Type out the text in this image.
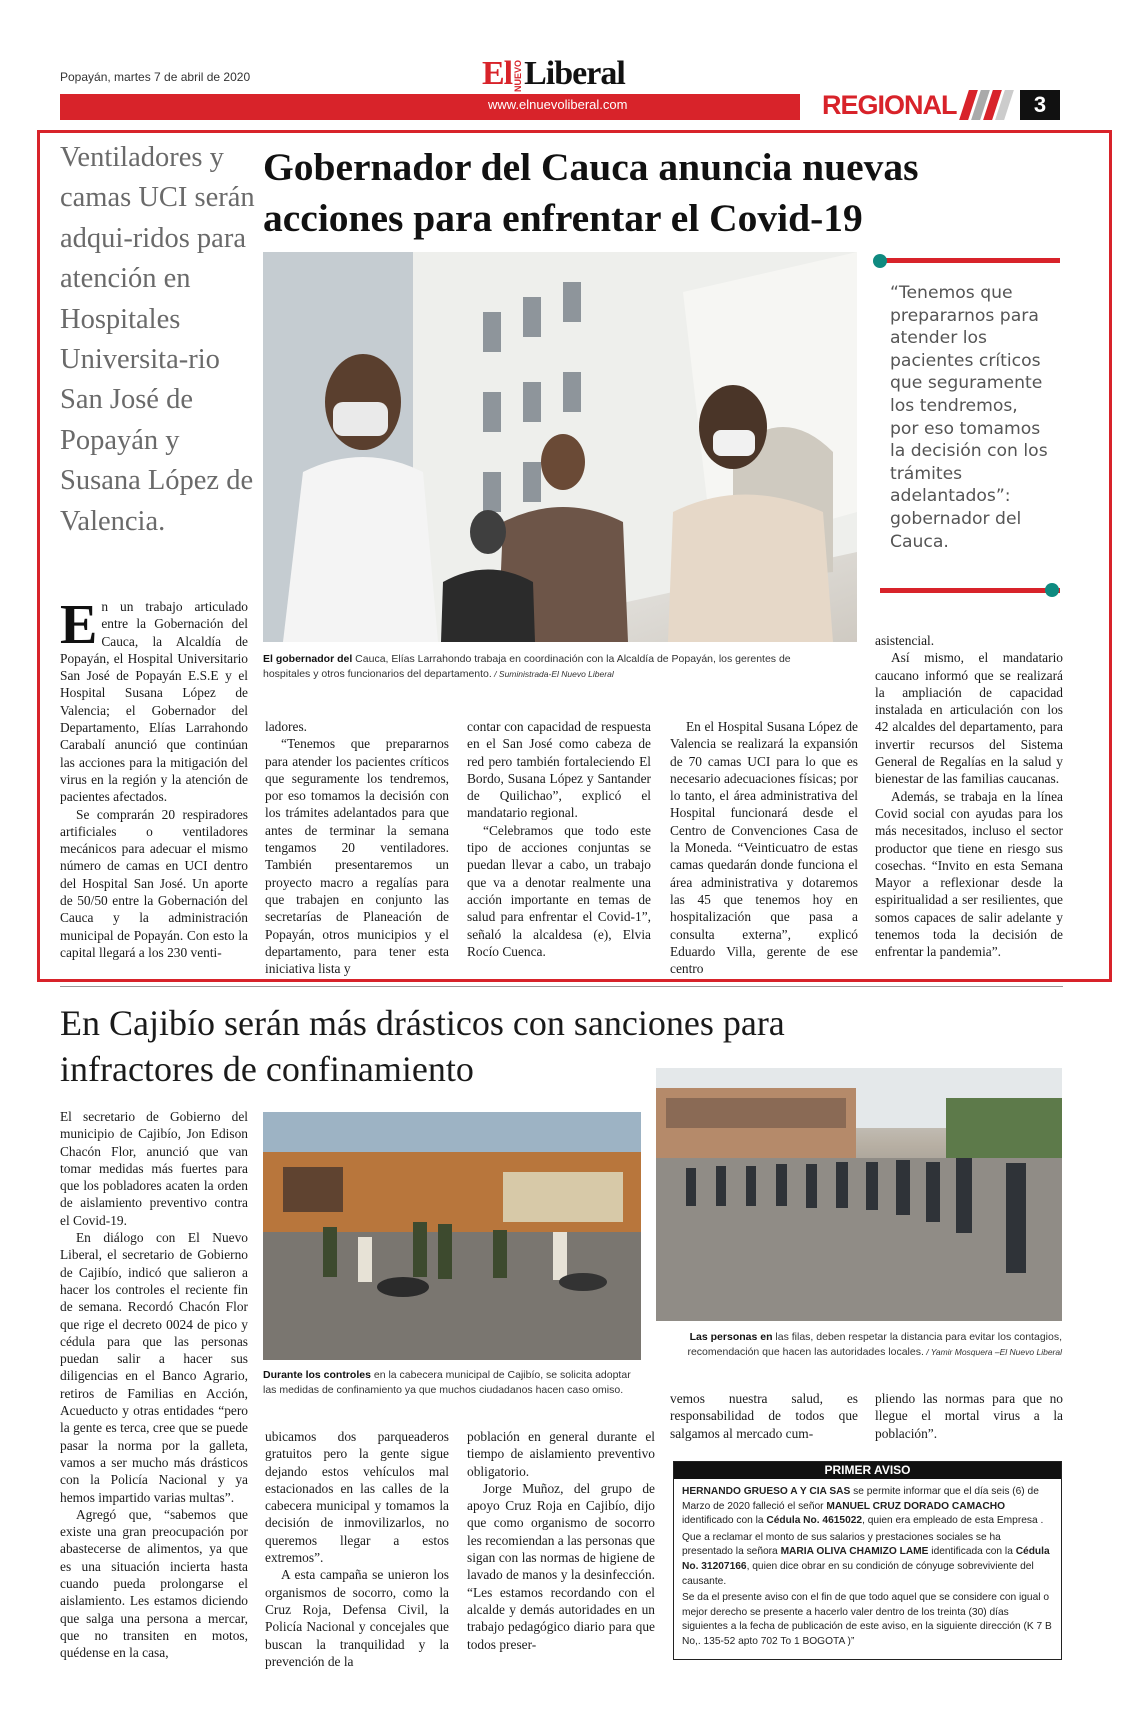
Popayán, martes 7 de abril de 2020	ElNUEVOLiberal
www.elnuevoliberal.com	REGIONAL	3
Ventiladores y camas UCI serán adqui-ridos para atención en Hospitales Universita-rio San José de Popayán y Susana López de Valencia.
Gobernador del Cauca anuncia nuevas acciones para enfrentar el Covid-19
“Tenemos que prepararnos para atender los pacientes críticos que seguramente los tendremos, por eso tomamos la decisión con los trámites adelantados”: gobernador del Cauca.
El gobernador del Cauca, Elías Larrahondo trabaja en coordinación con la Alcaldía de Popayán, los gerentes de hospitales y otros funcionarios del departamento. / Suministrada-El Nuevo Liberal

En un trabajo articulado entre la Gobernación del Cauca, la Alcaldía de Popayán, el Hospital Universitario San José de Popayán E.S.E y el Hospital Susana López de Valencia; el Gobernador del Departamento, Elías Larrahondo Carabalí anunció que continúan las acciones para la mitigación del virus en la región y la atención de pacientes afectados.

Se comprarán 20 respiradores artificiales o ventiladores mecánicos para adecuar el mismo número de camas en UCI dentro del Hospital San José. Un aporte de 50/50 entre la Gobernación del Cauca y la administración municipal de Popayán. Con esto la capital llegará a los 230 venti-

ladores.

“Tenemos que prepararnos para atender los pacientes críticos que seguramente los tendremos, por eso tomamos la decisión con los trámites adelantados para que antes de terminar la semana tengamos 20 ventiladores. También presentaremos un proyecto macro a regalías para que trabajen en conjunto las secretarías de Planeación de Popayán, otros municipios y el departamento, para tener esta iniciativa lista y

contar con capacidad de respuesta en el San José como cabeza de red pero también fortaleciendo El Bordo, Susana López y Santander de Quilichao”, explicó el mandatario regional.

“Celebramos que todo este tipo de acciones conjuntas se puedan llevar a cabo, un trabajo que va a denotar realmente una acción importante en temas de salud para enfrentar el Covid-1”, señaló la alcaldesa (e), Elvia Rocío Cuenca.

En el Hospital Susana López de Valencia se realizará la expansión de 70 camas UCI para lo que es necesario adecuaciones físicas; por lo tanto, el área administrativa del Hospital funcionará desde el Centro de Convenciones Casa de la Moneda. “Veinticuatro de estas camas quedarán donde funciona el área administrativa y dotaremos las 45 que tenemos hoy en hospitalización que pasa a consulta externa”, explicó Eduardo Villa, gerente de ese centro

asistencial.

Así mismo, el mandatario caucano informó que se realizará la ampliación de capacidad instalada en articulación con los 42 alcaldes del departamento, para invertir recursos del Sistema General de Regalías en la salud y bienestar de las familias caucanas.

Además, se trabaja en la línea Covid social con ayudas para los más necesitados, incluso el sector productor que tiene en riesgo sus cosechas. “Invito en esta Semana Mayor a reflexionar desde la espiritualidad a ser resilientes, que somos capaces de salir adelante y tenemos toda la decisión de enfrentar la pandemia”.

En Cajibío serán más drásticos con sanciones para infractores de confinamiento
Durante los controles en la cabecera municipal de Cajibío, se solicita adoptar las medidas de confinamiento ya que muchos ciudadanos hacen caso omiso.
Las personas en las filas, deben respetar la distancia para evitar los contagios, recomendación que hacen las autoridades locales. / Yamir Mosquera –El Nuevo Liberal

El secretario de Gobierno del municipio de Cajibío, Jon Edison Chacón Flor, anunció que van tomar medidas más fuertes para que los pobladores acaten la orden de aislamiento preventivo contra el Covid-19.

En diálogo con El Nuevo Liberal, el secretario de Gobierno de Cajibío, indicó que salieron a hacer los controles el reciente fin de semana. Recordó Chacón Flor que rige el decreto 0024 de pico y cédula para que las personas puedan salir a hacer sus diligencias en el Banco Agrario, retiros de Familias en Acción, Acueducto y otras entidades “pero la gente es terca, cree que se puede pasar la norma por la galleta, vamos a ser mucho más drásticos con la Policía Nacional y ya hemos impartido varias multas”.

Agregó que, “sabemos que existe una gran preocupación por abastecerse de alimentos, ya que es una situación incierta hasta cuando pueda prolongarse el aislamiento. Les estamos diciendo que salga una persona a mercar, que no transiten en motos, quédense en la casa,

ubicamos dos parqueaderos gratuitos pero la gente sigue dejando estos vehículos mal estacionados en las calles de la cabecera municipal y tomamos la decisión de inmovilizarlos, no queremos llegar a estos extremos”.

A esta campaña se unieron los organismos de socorro, como la Cruz Roja, Defensa Civil, la Policía Nacional y concejales que buscan la tranquilidad y la prevención de la

población en general durante el tiempo de aislamiento preventivo obligatorio.

Jorge Muñoz, del grupo de apoyo Cruz Roja en Cajibío, dijo que como organismo de socorro les recomiendan a las personas que sigan con las normas de higiene de lavado de manos y la desinfección. “Les estamos recordando con el alcalde y demás autoridades en un trabajo pedagógico diario para que todos preser-

vemos nuestra salud, es responsabilidad de todos que salgamos al mercado cum-

pliendo las normas para que no llegue el mortal virus a la población”.

PRIMER AVISO

HERNANDO GRUESO A Y CIA SAS se permite informar que el día seis (6) de Marzo de 2020 falleció el señor MANUEL CRUZ DORADO CAMACHO identificado con la Cédula No. 4615022, quien era empleado de esta Empresa .

Que a reclamar el monto de sus salarios y prestaciones sociales se ha presentado la señora MARIA OLIVA CHAMIZO LAME identificada con la Cédula No. 31207166, quien dice obrar en su condición de cónyuge sobreviviente del causante.

Se da el presente aviso con el fin de que todo aquel que se considere con igual o mejor derecho se presente a hacerlo valer dentro de los treinta (30) días siguientes a la fecha de publicación de este aviso, en la siguiente dirección (K 7 B No,. 135-52 apto 702 To 1 BOGOTA )”
